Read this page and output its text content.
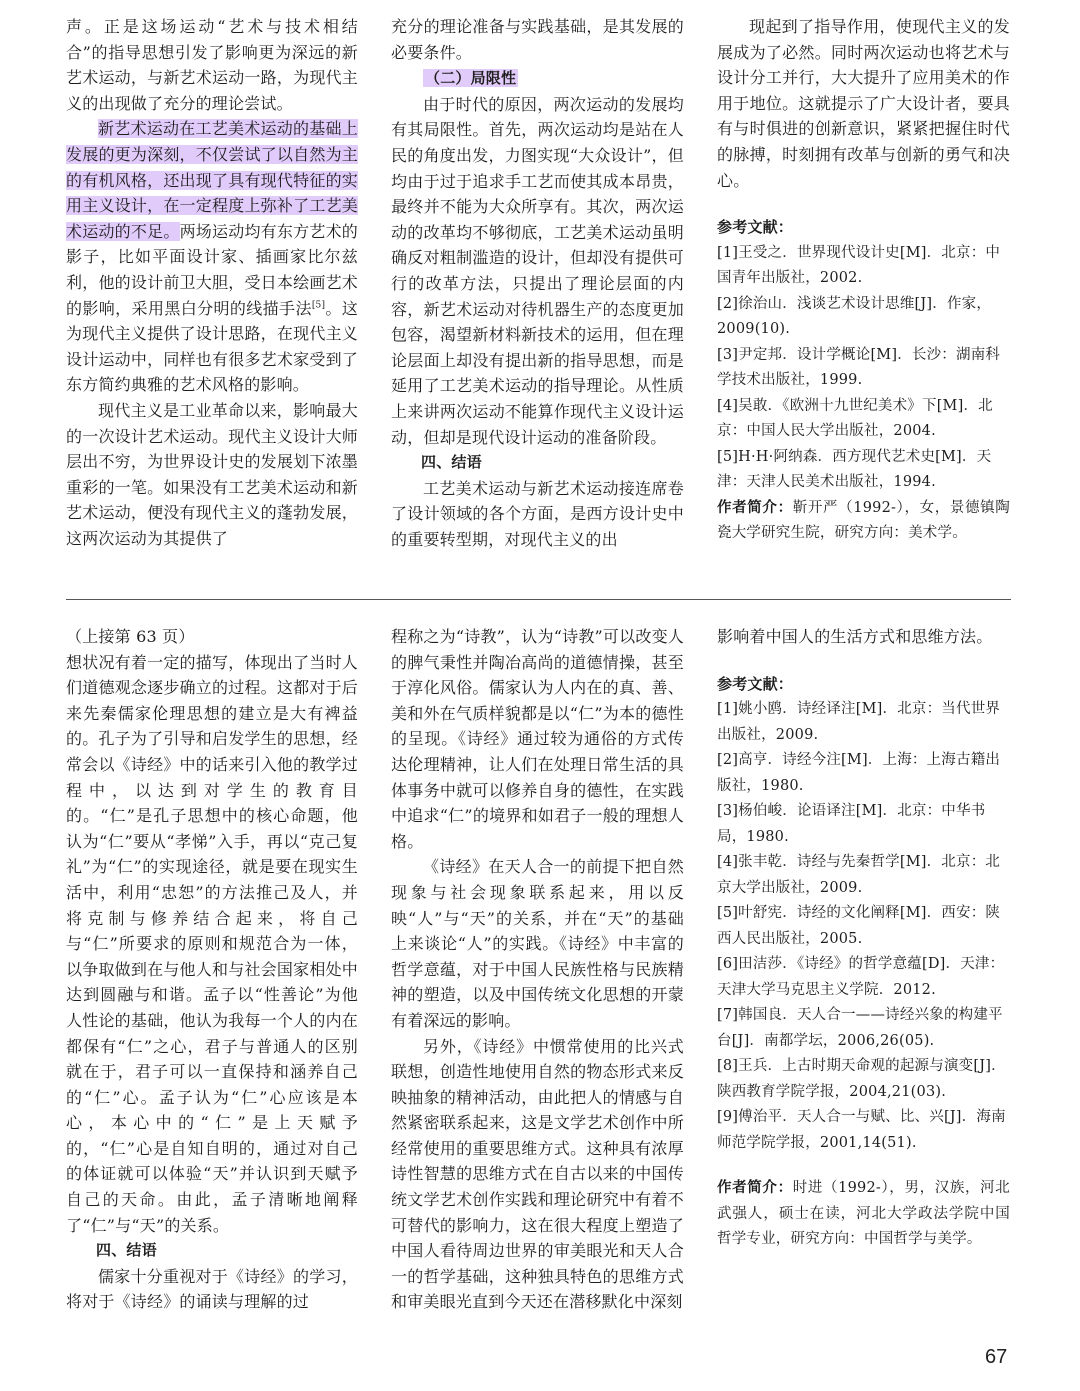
声。正是这场运动“艺术与技术相结合”的指导思想引发了影响更为深远的新艺术运动，与新艺术运动一路，为现代主义的出现做了充分的理论尝试。

新艺术运动在工艺美术运动的基础上发展的更为深刻，不仅尝试了以自然为主的有机风格，还出现了具有现代特征的实用主义设计，在一定程度上弥补了工艺美术运动的不足。两场运动均有东方艺术的影子，比如平面设计家、插画家比尔兹利，他的设计前卫大胆，受日本绘画艺术的影响，采用黑白分明的线描手法[5]。这为现代主义提供了设计思路，在现代主义设计运动中，同样也有很多艺术家受到了东方简约典雅的艺术风格的影响。

现代主义是工业革命以来，影响最大的一次设计艺术运动。现代主义设计大师层出不穷，为世界设计史的发展划下浓墨重彩的一笔。如果没有工艺美术运动和新艺术运动，便没有现代主义的蓬勃发展，这两次运动为其提供了

充分的理论准备与实践基础，是其发展的必要条件。

（二）局限性

由于时代的原因，两次运动的发展均有其局限性。首先，两次运动均是站在人民的角度出发，力图实现“大众设计”，但均由于过于追求手工艺而使其成本昂贵，最终并不能为大众所享有。其次，两次运动的改革均不够彻底，工艺美术运动虽明确反对粗制滥造的设计，但却没有提供可行的改革方法，只提出了理论层面的内容，新艺术运动对待机器生产的态度更加包容，渴望新材料新技术的运用，但在理论层面上却没有提出新的指导思想，而是延用了工艺美术运动的指导理论。从性质上来讲两次运动不能算作现代主义设计运动，但却是现代设计运动的准备阶段。

四、结语

工艺美术运动与新艺术运动接连席卷了设计领域的各个方面，是西方设计史中的重要转型期，对现代主义的出

现起到了指导作用，使现代主义的发展成为了必然。同时两次运动也将艺术与设计分工并行，大大提升了应用美术的作用于地位。这就提示了广大设计者，要具有与时俱进的创新意识，紧紧把握住时代的脉搏，时刻拥有改革与创新的勇气和决心。

参考文献：

[1]王受之．世界现代设计史[M]．北京：中国青年出版社，2002.

[2]徐治山．浅谈艺术设计思维[J]．作家，2009(10).

[3]尹定邦．设计学概论[M]．长沙：湖南科学技术出版社，1999.

[4]吴敢．《欧洲十九世纪美术》下[M]．北京：中国人民大学出版社，2004.

[5]H·H·阿纳森．西方现代艺术史[M]．天津：天津人民美术出版社，1994.

作者简介：靳开严（1992-），女，景德镇陶瓷大学研究生院，研究方向：美术学。

（上接第 63 页）

想状况有着一定的描写，体现出了当时人们道德观念逐步确立的过程。这都对于后来先秦儒家伦理思想的建立是大有裨益的。孔子为了引导和启发学生的思想，经常会以《诗经》中的话来引入他的教学过程中，以达到对学生的教育目的。“仁”是孔子思想中的核心命题，他认为“仁”要从“孝悌”入手，再以“克己复礼”为“仁”的实现途径，就是要在现实生活中，利用“忠恕”的方法推己及人，并将克制与修养结合起来，将自己与“仁”所要求的原则和规范合为一体，以争取做到在与他人和与社会国家相处中达到圆融与和谐。孟子以“性善论”为他人性论的基础，他认为我每一个人的内在都保有“仁”之心，君子与普通人的区别就在于，君子可以一直保持和涵养自己的“仁”心。孟子认为“仁”心应该是本心，本心中的“仁”是上天赋予的，“仁”心是自知自明的，通过对自己的体证就可以体验“天”并认识到天赋予自己的天命。由此，孟子清晰地阐释了“仁”与“天”的关系。

四、结语

儒家十分重视对于《诗经》的学习，将对于《诗经》的诵读与理解的过

程称之为“诗教”，认为“诗教”可以改变人的脾气秉性并陶冶高尚的道德情操，甚至于淳化风俗。儒家认为人内在的真、善、美和外在气质样貌都是以“仁”为本的德性的呈现。《诗经》通过较为通俗的方式传达伦理精神，让人们在处理日常生活的具体事务中就可以修养自身的德性，在实践中追求“仁”的境界和如君子一般的理想人格。

《诗经》在天人合一的前提下把自然现象与社会现象联系起来，用以反映“人”与“天”的关系，并在“天”的基础上来谈论“人”的实践。《诗经》中丰富的哲学意蕴，对于中国人民族性格与民族精神的塑造，以及中国传统文化思想的开蒙有着深远的影响。

另外，《诗经》中惯常使用的比兴式联想，创造性地使用自然的物态形式来反映抽象的精神活动，由此把人的情感与自然紧密联系起来，这是文学艺术创作中所经常使用的重要思维方式。这种具有浓厚诗性智慧的思维方式在自古以来的中国传统文学艺术创作实践和理论研究中有着不可替代的影响力，这在很大程度上塑造了中国人看待周边世界的审美眼光和天人合一的哲学基础，这种独具特色的思维方式和审美眼光直到今天还在潜移默化中深刻

影响着中国人的生活方式和思维方法。

参考文献：

[1]姚小鸥．诗经译注[M]．北京：当代世界出版社，2009.

[2]高亨．诗经今注[M]．上海：上海古籍出版社，1980.

[3]杨伯峻．论语译注[M]．北京：中华书局，1980.

[4]张丰乾．诗经与先秦哲学[M]．北京：北京大学出版社，2009.

[5]叶舒宪．诗经的文化阐释[M]．西安：陕西人民出版社，2005.

[6]田洁莎．《诗经》的哲学意蕴[D]．天津：天津大学马克思主义学院．2012.

[7]韩国良．天人合一——诗经兴象的构建平台[J]．南都学坛，2006,26(05).

[8]王兵．上古时期天命观的起源与演变[J]．陕西教育学院学报，2004,21(03).

[9]傅治平．天人合一与赋、比、兴[J]．海南师范学院学报，2001,14(51).

作者简介：时进（1992-），男，汉族，河北武强人，硕士在读，河北大学政法学院中国哲学专业，研究方向：中国哲学与美学。

67
